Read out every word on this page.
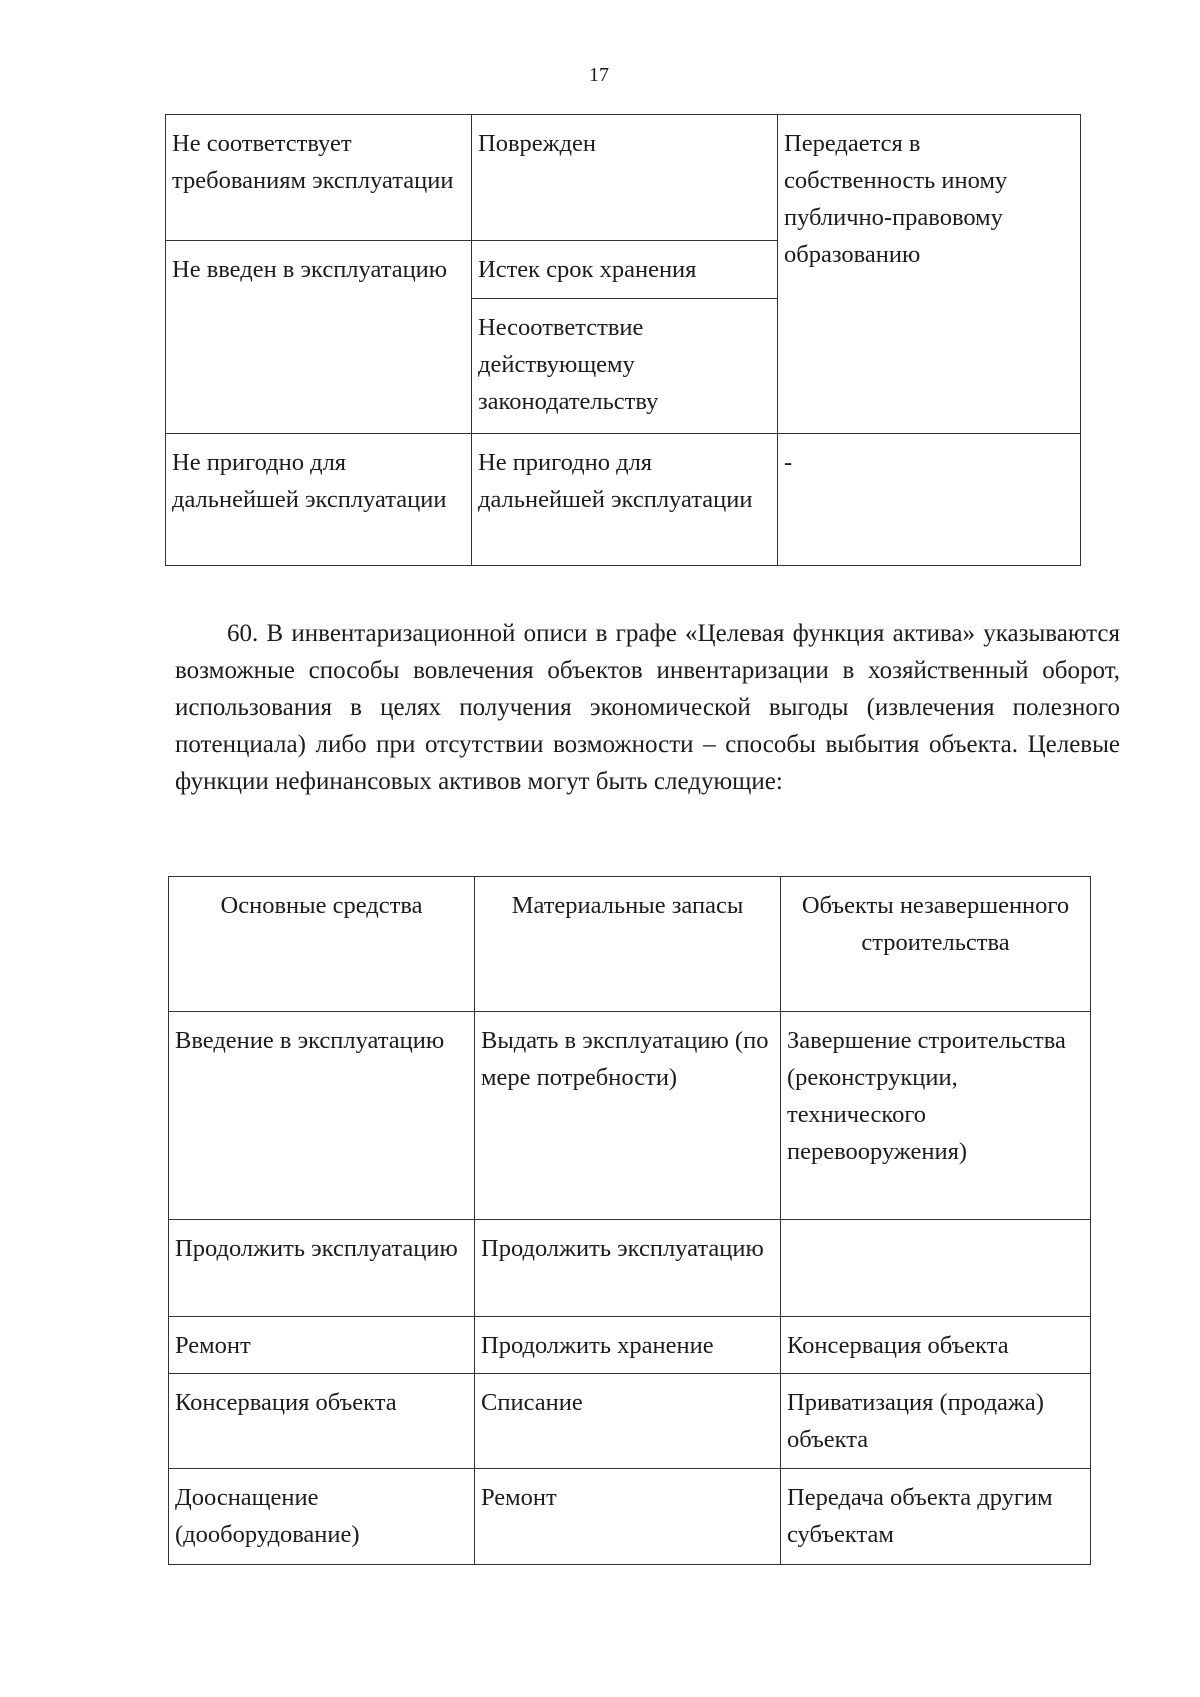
17
Не соответствует требованиям эксплуатации	Поврежден	Передается в собственность иному публично-правовому образованию
Не введен в эксплуатацию	Истек срок хранения	
	Несоответствие действующему законодательству	
Не пригодно для дальнейшей эксплуатации	Не пригодно для дальнейшей эксплуатации	-

60. В инвентаризационной описи в графе «Целевая функция актива» указываются возможные способы вовлечения объектов инвентаризации в хозяйственный оборот, использования в целях получения экономической выгоды (извлечения полезного потенциала) либо при отсутствии возможности – способы выбытия объекта. Целевые функции нефинансовых активов могут быть следующие:

Основные средства	Материальные запасы	Объекты незавершенного строительства
Введение в эксплуатацию	Выдать в эксплуатацию (по мере потребности)	Завершение строительства (реконструкции, технического перевооружения)
Продолжить эксплуатацию	Продолжить эксплуатацию	
Ремонт	Продолжить хранение	Консервация объекта
Консервация объекта	Списание	Приватизация (продажа) объекта
Дооснащение (дооборудование)	Ремонт	Передача объекта другим субъектам
